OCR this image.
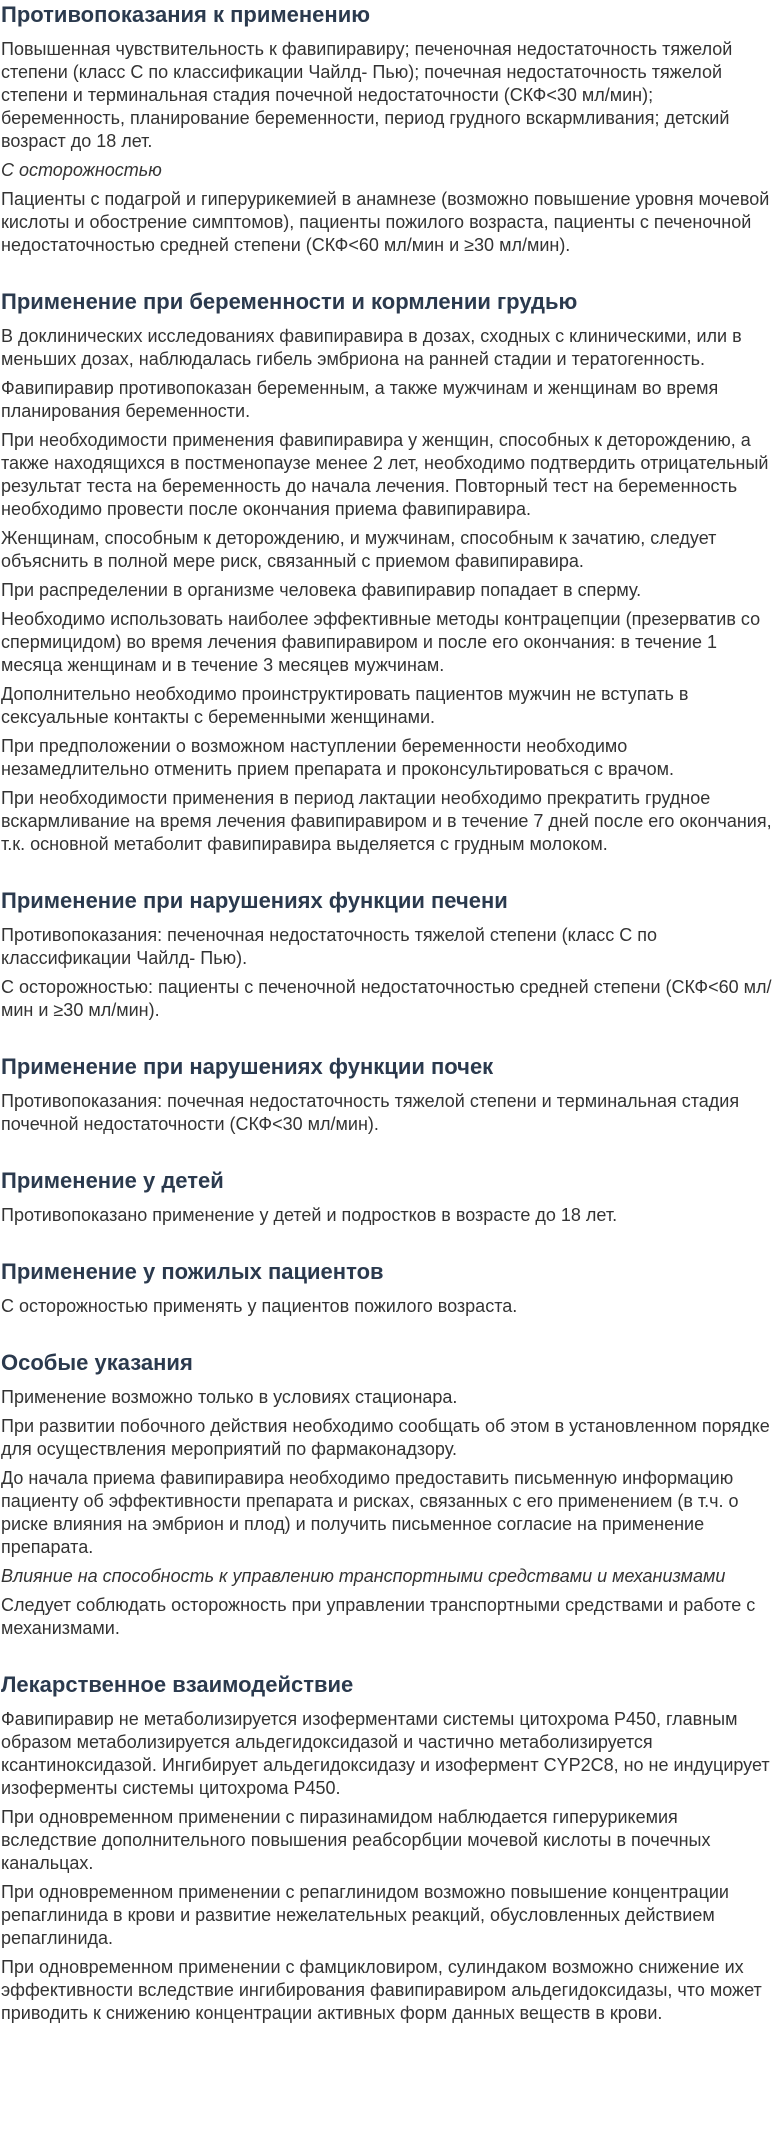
Противопоказания к применению

Повышенная чувствительность к фавипиравиру; печеночная недостаточность тяжелой степени (класс С по классификации Чайлд- Пью); почечная недостаточность тяжелой степени и терминальная стадия почечной недостаточности (СКФ<30 мл/мин); беременность, планирование беременности, период грудного вскармливания; детский возраст до 18 лет.

С осторожностью

Пациенты с подагрой и гиперурикемией в анамнезе (возможно повышение уровня мочевой кислоты и обострение симптомов), пациенты пожилого возраста, пациенты с печеночной недостаточностью средней степени (СКФ<60 мл/мин и ≥30 мл/мин).

Применение при беременности и кормлении грудью

В доклинических исследованиях фавипиравира в дозах, сходных с клиническими, или в меньших дозах, наблюдалась гибель эмбриона на ранней стадии и тератогенность.

Фавипиравир противопоказан беременным, а также мужчинам и женщинам во время планирования беременности.

При необходимости применения фавипиравира у женщин, способных к деторождению, а также находящихся в постменопаузе менее 2 лет, необходимо подтвердить отрицательный результат теста на беременность до начала лечения. Повторный тест на беременность необходимо провести после окончания приема фавипиравира.

Женщинам, способным к деторождению, и мужчинам, способным к зачатию, следует объяснить в полной мере риск, связанный с приемом фавипиравира.

При распределении в организме человека фавипиравир попадает в сперму.

Необходимо использовать наиболее эффективные методы контрацепции (презерватив со спермицидом) во время лечения фавипиравиром и после его окончания: в течение 1 месяца женщинам и в течение 3 месяцев мужчинам.

Дополнительно необходимо проинструктировать пациентов мужчин не вступать в сексуальные контакты с беременными женщинами.

При предположении о возможном наступлении беременности необходимо незамедлительно отменить прием препарата и проконсультироваться с врачом.

При необходимости применения в период лактации необходимо прекратить грудное вскармливание на время лечения фавипиравиром и в течение 7 дней после его окончания, т.к. основной метаболит фавипиравира выделяется с грудным молоком.

Применение при нарушениях функции печени

Противопоказания: печеночная недостаточность тяжелой степени (класс С по классификации Чайлд- Пью).

С осторожностью: пациенты с печеночной недостаточностью средней степени (СКФ<60 мл/мин и ≥30 мл/мин).

Применение при нарушениях функции почек

Противопоказания: почечная недостаточность тяжелой степени и терминальная стадия почечной недостаточности (СКФ<30 мл/мин).

Применение у детей

Противопоказано применение у детей и подростков в возрасте до 18 лет.

Применение у пожилых пациентов

С осторожностью применять у пациентов пожилого возраста.

Особые указания

Применение возможно только в условиях стационара.

При развитии побочного действия необходимо сообщать об этом в установленном порядке для осуществления мероприятий по фармаконадзору.

До начала приема фавипиравира необходимо предоставить письменную информацию пациенту об эффективности препарата и рисках, связанных с его применением (в т.ч. о риске влияния на эмбрион и плод) и получить письменное согласие на применение препарата.

Влияние на способность к управлению транспортными средствами и механизмами

Следует соблюдать осторожность при управлении транспортными средствами и работе с механизмами.

Лекарственное взаимодействие

Фавипиравир не метаболизируется изоферментами системы цитохрома Р450, главным образом метаболизируется альдегидоксидазой и частично метаболизируется ксантиноксидазой. Ингибирует альдегидоксидазу и изофермент CYP2C8, но не индуцирует изоферменты системы цитохрома Р450.

При одновременном применении с пиразинамидом наблюдается гиперурикемия вследствие дополнительного повышения реабсорбции мочевой кислоты в почечных канальцах.

При одновременном применении с репаглинидом возможно повышение концентрации репаглинида в крови и развитие нежелательных реакций, обусловленных действием репаглинида.

При одновременном применении с фамцикловиром, сулиндаком возможно снижение их эффективности вследствие ингибирования фавипиравиром альдегидоксидазы, что может приводить к снижению концентрации активных форм данных веществ в крови.
